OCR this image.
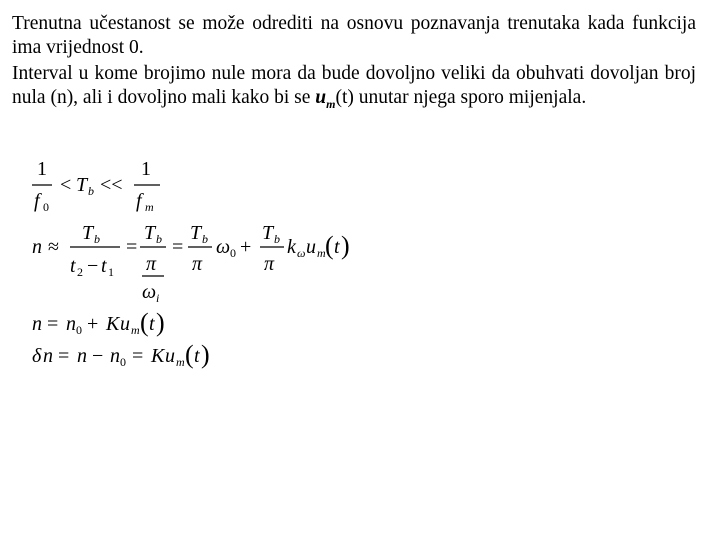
Trenutna učestanost se može odrediti na osnovu poznavanja trenutaka kada funkcija ima vrijednost 0.
Interval u kome brojimo nule mora da bude dovoljno veliki da obuhvati dovoljan broj nula (n), ali i dovoljno mali kako bi se $u_m(t)$ unutar njega sporo mijenjala.
1
f 0
< T b <<
1
f m
n ≈
T b
t 2 − t 1
=
T b
π
ω i
=
T b
π
ω 0 +
T b
π
k ω u m ( t )
n = n 0 + K u m ( t )
δ n = n − n 0 = K u m ( t )
